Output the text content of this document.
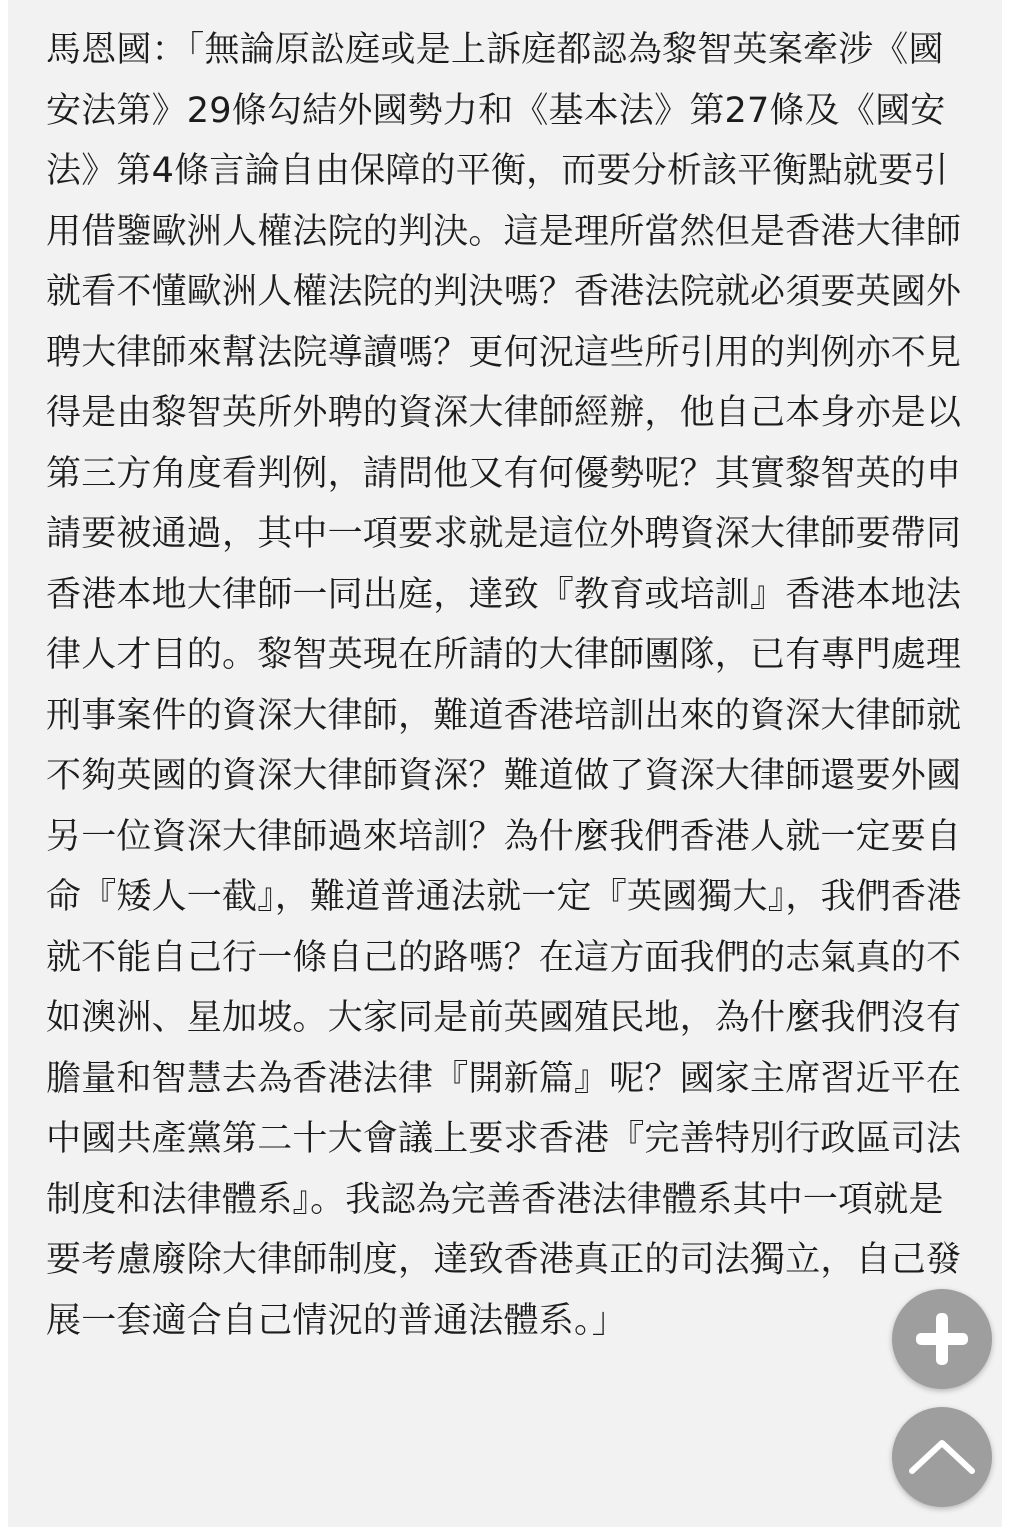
馬恩國：「無論原訟庭或是上訴庭都認為黎智英案牽涉《國安法第》29條勾結外國勢力和《基本法》第27條及《國安法》第4條言論自由保障的平衡，而要分析該平衡點就要引用借鑒歐洲人權法院的判決。這是理所當然但是香港大律師就看不懂歐洲人權法院的判決嗎？香港法院就必須要英國外聘大律師來幫法院導讀嗎？更何況這些所引用的判例亦不見得是由黎智英所外聘的資深大律師經辦，他自己本身亦是以第三方角度看判例，請問他又有何優勢呢？其實黎智英的申請要被通過，其中一項要求就是這位外聘資深大律師要帶同香港本地大律師一同出庭，達致『教育或培訓』香港本地法律人才目的。黎智英現在所請的大律師團隊，已有專門處理刑事案件的資深大律師，難道香港培訓出來的資深大律師就不夠英國的資深大律師資深？難道做了資深大律師還要外國另一位資深大律師過來培訓？為什麼我們香港人就一定要自命『矮人一截』，難道普通法就一定『英國獨大』，我們香港就不能自己行一條自己的路嗎？在這方面我們的志氣真的不如澳洲、星加坡。大家同是前英國殖民地，為什麼我們沒有膽量和智慧去為香港法律『開新篇』呢？國家主席習近平在中國共產黨第二十大會議上要求香港『完善特別行政區司法制度和法律體系』。我認為完善香港法律體系其中一項就是要考慮廢除大律師制度，達致香港真正的司法獨立，自己發展一套適合自己情況的普通法體系。」
